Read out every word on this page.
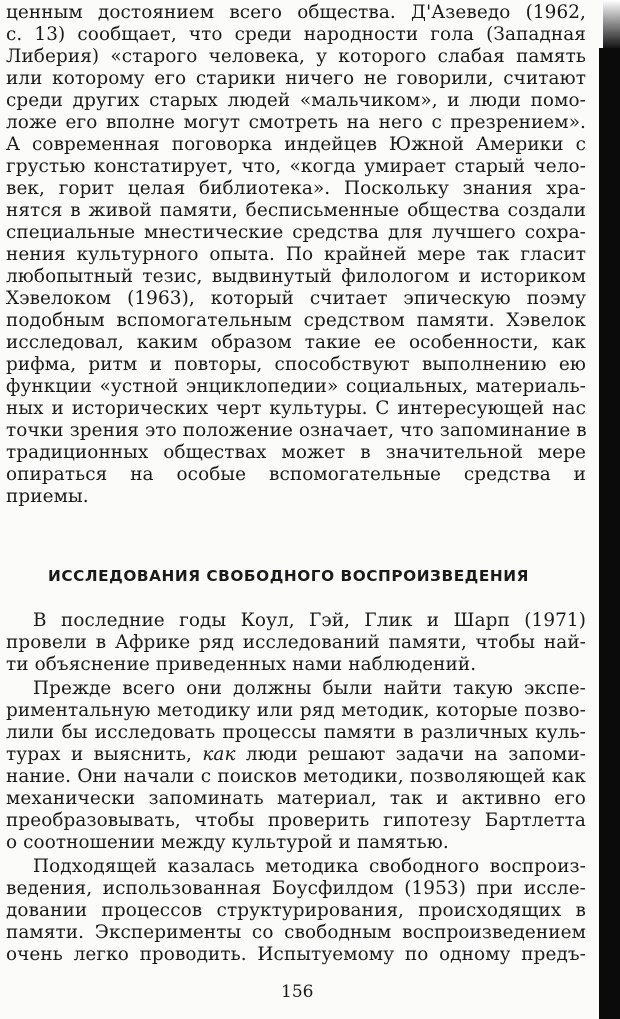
ценным достоянием всего общества. Д'Азеведо (1962,
с. 13) сообщает, что среди народности гола (Западная
Либерия) «старого человека, у которого слабая память
или которому его старики ничего не говорили, считают
среди других старых людей «мальчиком», и люди помо-
ложе его вполне могут смотреть на него с презрением».
А современная поговорка индейцев Южной Америки с
грустью констатирует, что, «когда умирает старый чело-
век, горит целая библиотека». Поскольку знания хра-
нятся в живой памяти, бесписьменные общества создали
специальные мнестические средства для лучшего сохра-
нения культурного опыта. По крайней мере так гласит
любопытный тезис, выдвинутый филологом и историком
Хэвелоком (1963), который считает эпическую поэму
подобным вспомогательным средством памяти. Хэвелок
исследовал, каким образом такие ее особенности, как
рифма, ритм и повторы, способствуют выполнению ею
функции «устной энциклопедии» социальных, материаль-
ных и исторических черт культуры. С интересующей нас
точки зрения это положение означает, что запоминание в
традиционных обществах может в значительной мере
опираться на особые вспомогательные средства и
приемы.
ИССЛЕДОВАНИЯ СВОБОДНОГО ВОСПРОИЗВЕДЕНИЯ
В последние годы Коул, Гэй, Глик и Шарп (1971)
провели в Африке ряд исследований памяти, чтобы най-
ти объяснение приведенных нами наблюдений.
Прежде всего они должны были найти такую экспе-
риментальную методику или ряд методик, которые позво-
лили бы исследовать процессы памяти в различных куль-
турах и выяснить, как люди решают задачи на запоми-
нание. Они начали с поисков методики, позволяющей как
механически запоминать материал, так и активно его
преобразовывать, чтобы проверить гипотезу Бартлетта
о соотношении между культурой и памятью.
Подходящей казалась методика свободного воспроиз-
ведения, использованная Боусфилдом (1953) при иссле-
довании процессов структурирования, происходящих в
памяти. Эксперименты со свободным воспроизведением
очень легко проводить. Испытуемому по одному предъ-
156
